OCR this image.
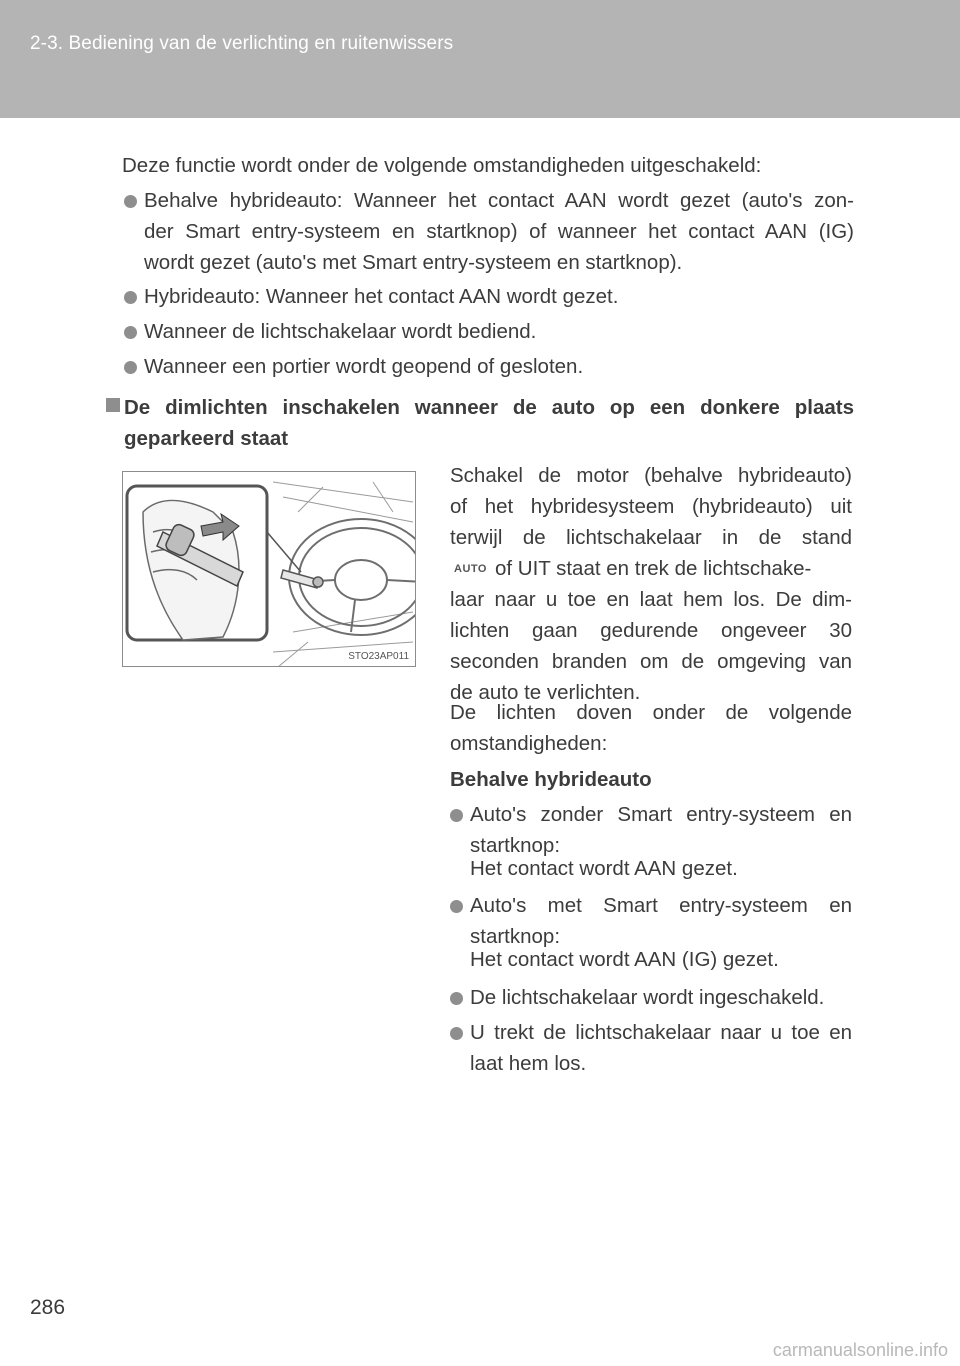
2-3. Bediening van de verlichting en ruitenwissers
Deze functie wordt onder de volgende omstandigheden uitgeschakeld:
Behalve hybrideauto: Wanneer het contact AAN wordt gezet (auto's zon-
der Smart entry-systeem en startknop) of wanneer het contact AAN (IG)
wordt gezet (auto's met Smart entry-systeem en startknop).
Hybrideauto: Wanneer het contact AAN wordt gezet.
Wanneer de lichtschakelaar wordt bediend.
Wanneer een portier wordt geopend of gesloten.
De dimlichten inschakelen wanneer de auto op een donkere plaats
geparkeerd staat
STO23AP011
Schakel de motor (behalve hybrideauto)
of het hybridesysteem (hybrideauto) uit
terwijl de lichtschakelaar in de stand
AUTO of UIT staat en trek de lichtschake-
laar naar u toe en laat hem los. De dim-
lichten gaan gedurende ongeveer 30
seconden branden om de omgeving van
de auto te verlichten.
De lichten doven onder de volgende
omstandigheden:
Behalve hybrideauto
Auto's zonder Smart entry-systeem en
startknop:
Het contact wordt AAN gezet.
Auto's met Smart entry-systeem en
startknop:
Het contact wordt AAN (IG) gezet.
De lichtschakelaar wordt ingeschakeld.
U trekt de lichtschakelaar naar u toe en
laat hem los.
286
carmanualsonline.info
